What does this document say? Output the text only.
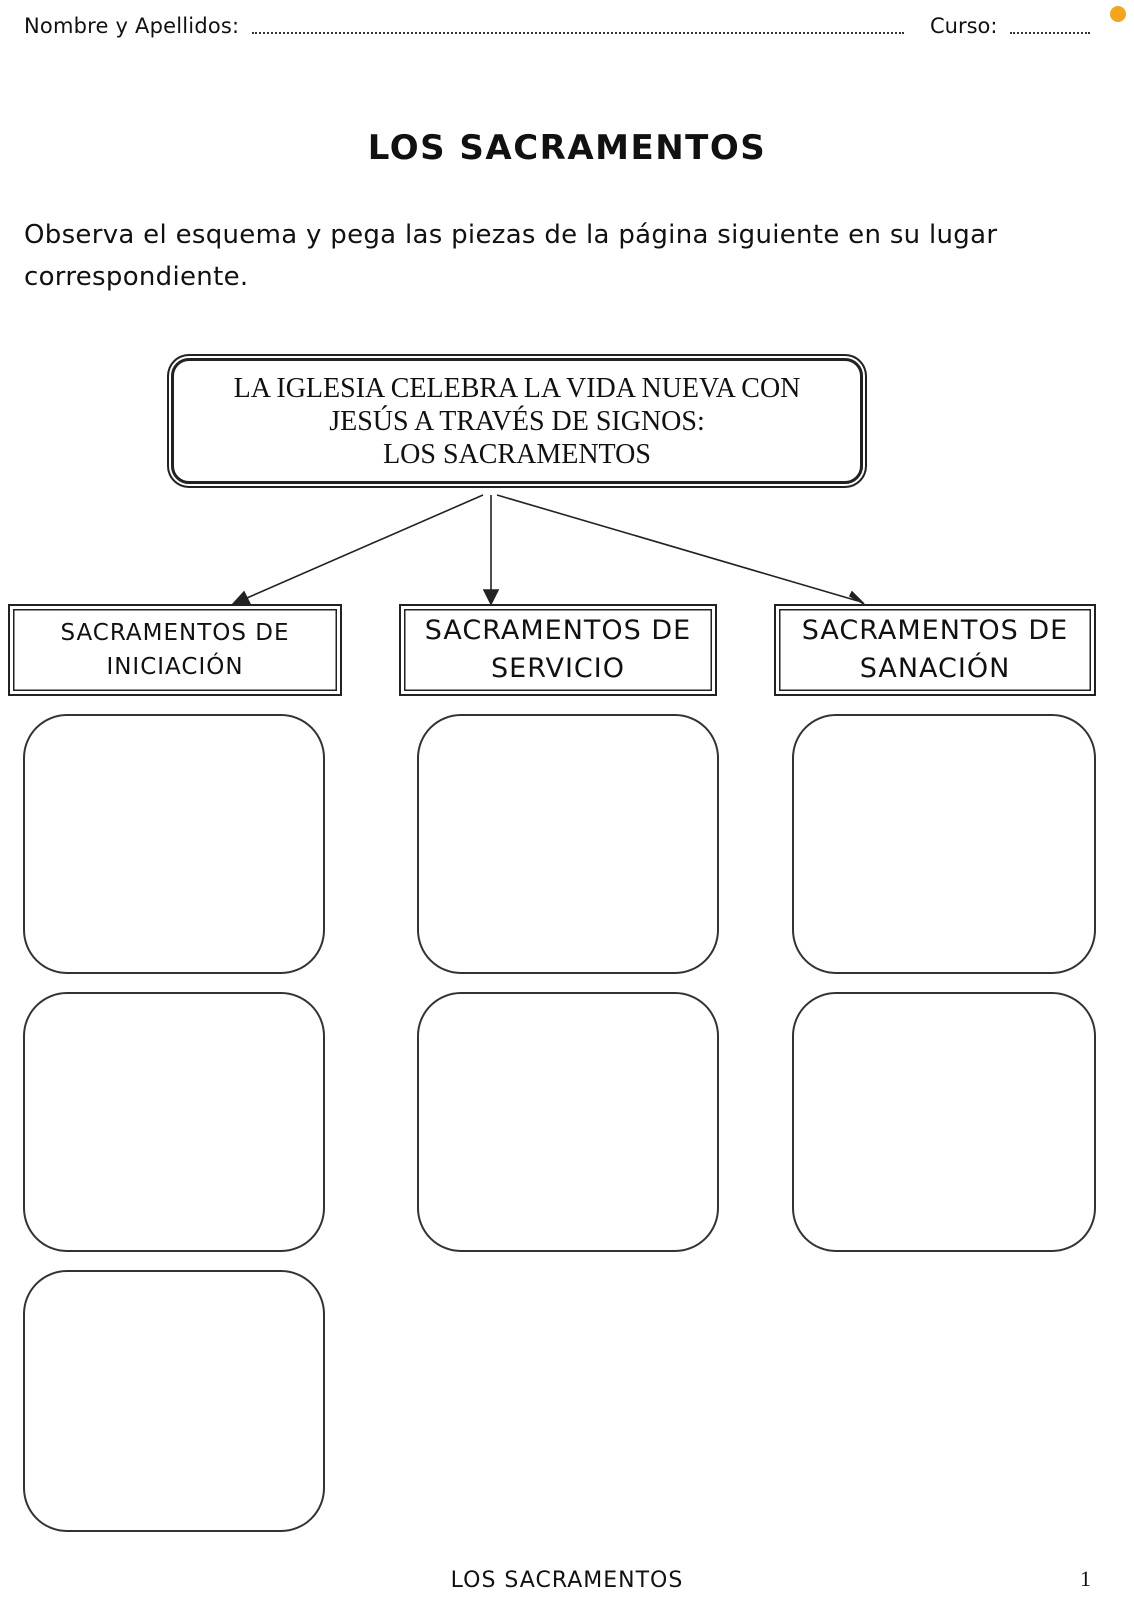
Nombre y Apellidos:	Curso:
LOS SACRAMENTOS
Observa el esquema y pega las piezas de la página siguiente en su lugar correspondiente.
LA IGLESIA CELEBRA LA VIDA NUEVA CON
JESÚS A TRAVÉS DE SIGNOS:
LOS SACRAMENTOS
SACRAMENTOS DE
INICIACIÓN
SACRAMENTOS DE
SERVICIO
SACRAMENTOS DE
SANACIÓN
LOS SACRAMENTOS	1
